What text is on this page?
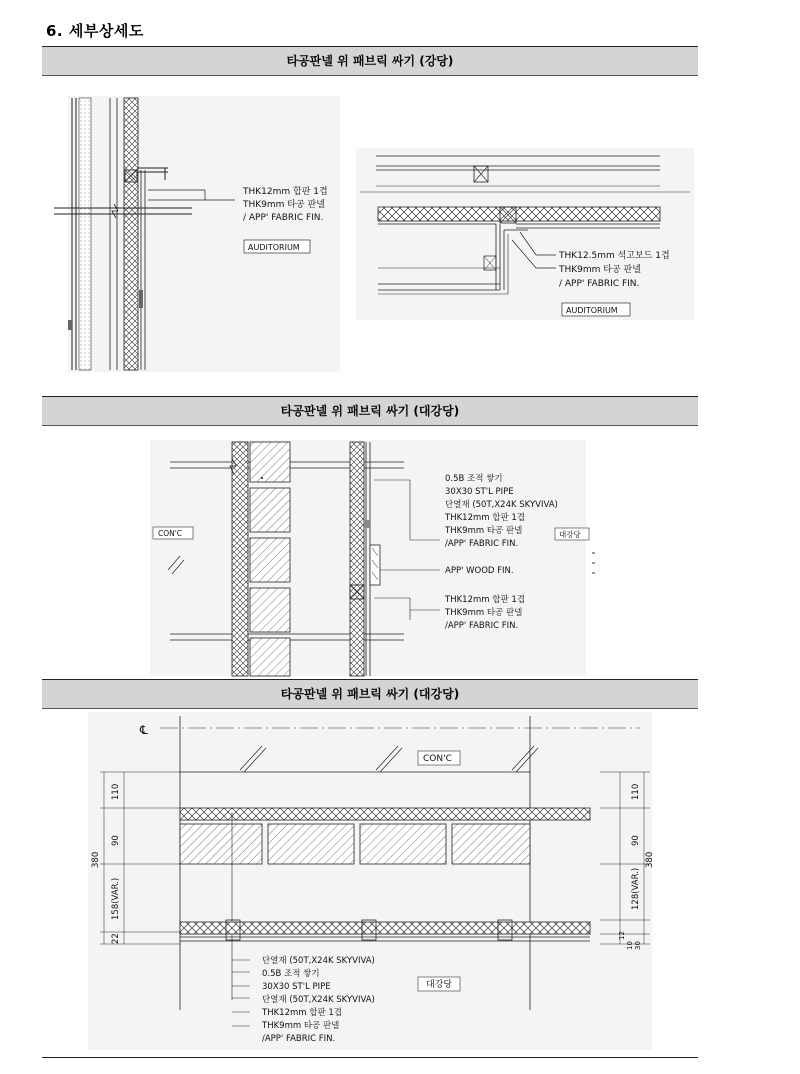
6. 세부상세도
타공판넬 위 패브릭 싸기 (강당)
타공판넬 위 패브릭 싸기 (대강당)
타공판넬 위 패브릭 싸기 (대강당)
THK12mm 합판 1겹
THK9mm 타공 판넬
/ APP' FABRIC FIN.
AUDITORIUM
THK12.5mm 석고보드 1겹
THK9mm 타공 판넬
/ APP' FABRIC FIN.
AUDITORIUM
CON'C	대강당
0.5B 조적 쌓기
30X30 ST'L PIPE
단열재 (50T,X24K SKYVIVA)
THK12mm 합판 1겹
THK9mm 타공 판넬
/APP' FABRIC FIN.
APP' WOOD FIN.
THK12mm 합판 1겹
THK9mm 타공 판넬
/APP' FABRIC FIN.
℄
CON'C
대강당
110
90
158(VAR.)
22
380
110
90
128(VAR.)
12
10 30
380
단열재 (50T,X24K SKYVIVA)
0.5B 조적 쌓기
30X30 ST'L PIPE
단열재 (50T,X24K SKYVIVA)
THK12mm 합판 1겹
THK9mm 타공 판넬
/APP' FABRIC FIN.
